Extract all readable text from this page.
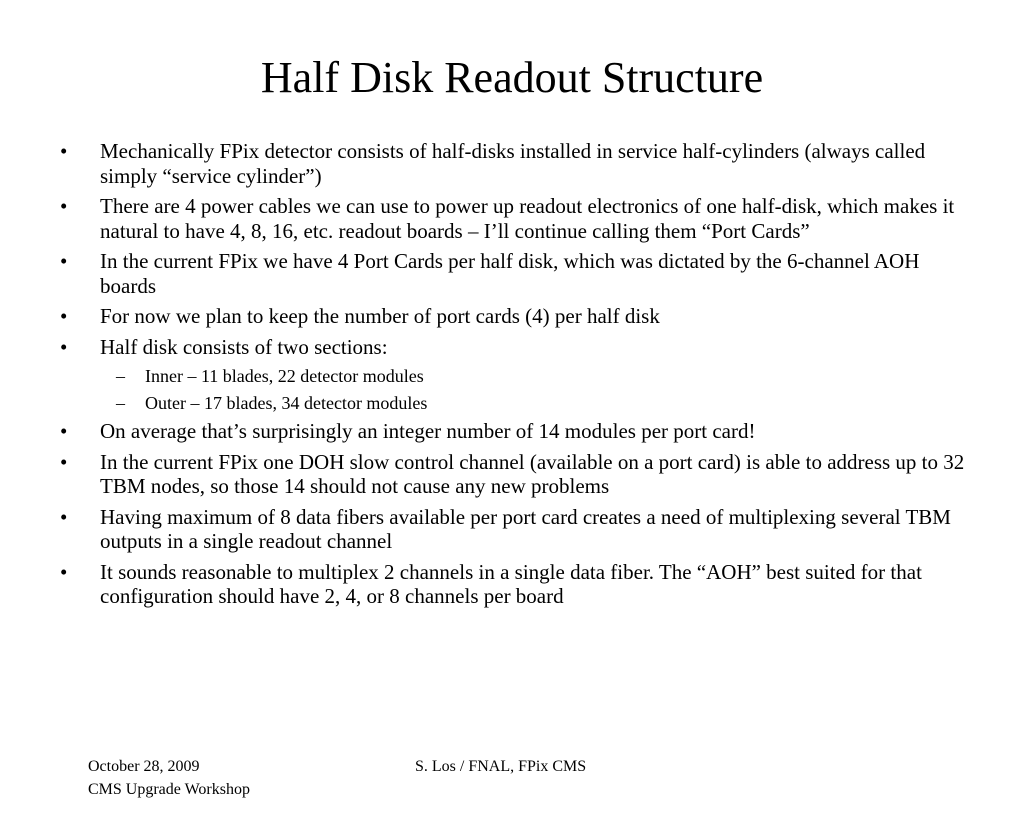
Half Disk Readout Structure
• Mechanically FPix detector consists of half-disks installed in service half-cylinders (always called simply “service cylinder”)
• There are 4 power cables we can use to power up readout electronics of one half-disk, which makes it natural to have 4, 8, 16, etc. readout boards – I’ll continue calling them “Port Cards”
• In the current FPix we have 4 Port Cards per half disk, which was dictated by the 6-channel AOH boards
• For now we plan to keep the number of port cards (4) per half disk
• Half disk consists of two sections:
– Inner – 11 blades, 22 detector modules
– Outer – 17 blades, 34 detector modules
• On average that’s surprisingly an integer number of 14 modules per port card!
• In the current FPix one DOH slow control channel (available on a port card) is able to address up to 32 TBM nodes, so those 14 should not cause any new problems
• Having maximum of 8 data fibers available per port card creates a need of multiplexing several TBM outputs in a single readout channel
• It sounds reasonable to multiplex 2 channels in a single data fiber. The “AOH” best suited for that configuration should have 2, 4, or 8 channels per board
October 28, 2009
CMS Upgrade Workshop
S. Los / FNAL, FPix CMS
